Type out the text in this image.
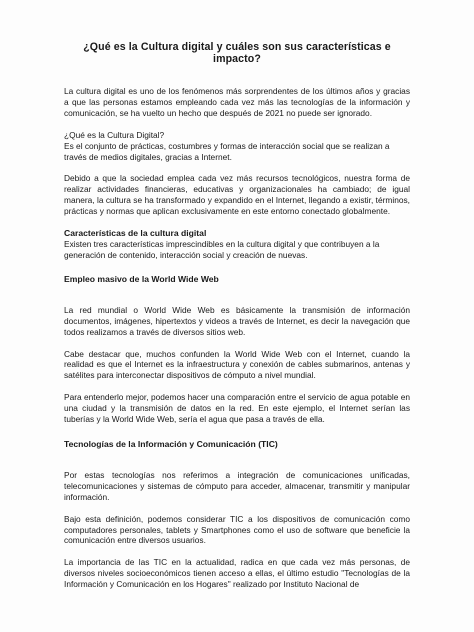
¿Qué es la Cultura digital y cuáles son sus características e impacto?

La cultura digital es uno de los fenómenos más sorprendentes de los últimos años y gracias a que las personas estamos empleando cada vez más las tecnologías de la información y comunicación, se ha vuelto un hecho que después de 2021 no puede ser ignorado.

¿Qué es la Cultura Digital?

Es el conjunto de prácticas, costumbres y formas de interacción social que se realizan a través de medios digitales, gracias a Internet.

Debido a que la sociedad emplea cada vez más recursos tecnológicos, nuestra forma de realizar actividades financieras, educativas y organizacionales ha cambiado; de igual manera, la cultura se ha transformado y expandido en el Internet, llegando a existir, términos, prácticas y normas que aplican exclusivamente en este entorno conectado globalmente.

Características de la cultura digital

Existen tres características imprescindibles en la cultura digital y que contribuyen a la generación de contenido, interacción social y creación de nuevas.

Empleo masivo de la World Wide Web

La red mundial o World Wide Web es básicamente la transmisión de información documentos, imágenes, hipertextos y videos a través de Internet, es decir la navegación que todos realizamos a través de diversos sitios web.

Cabe destacar que, muchos confunden la World Wide Web con el Internet, cuando la realidad es que el Internet es la infraestructura y conexión de cables submarinos, antenas y satélites para interconectar dispositivos de cómputo a nivel mundial.

Para entenderlo mejor, podemos hacer una comparación entre el servicio de agua potable en una ciudad y la transmisión de datos en la red. En este ejemplo, el Internet serían las tuberías y la World Wide Web, sería el agua que pasa a través de ella.

Tecnologías de la Información y Comunicación (TIC)

Por estas tecnologías nos referimos a integración de comunicaciones unificadas, telecomunicaciones y sistemas de cómputo para acceder, almacenar, transmitir y manipular información.

Bajo esta definición, podemos considerar TIC a los dispositivos de comunicación como computadores personales, tablets y Smartphones como el uso de software que beneficie la comunicación entre diversos usuarios.

La importancia de las TIC en la actualidad, radica en que cada vez más personas, de diversos niveles socioeconómicos tienen acceso a ellas, el último estudio "Tecnologías de la Información y Comunicación en los Hogares" realizado por Instituto Nacional de
